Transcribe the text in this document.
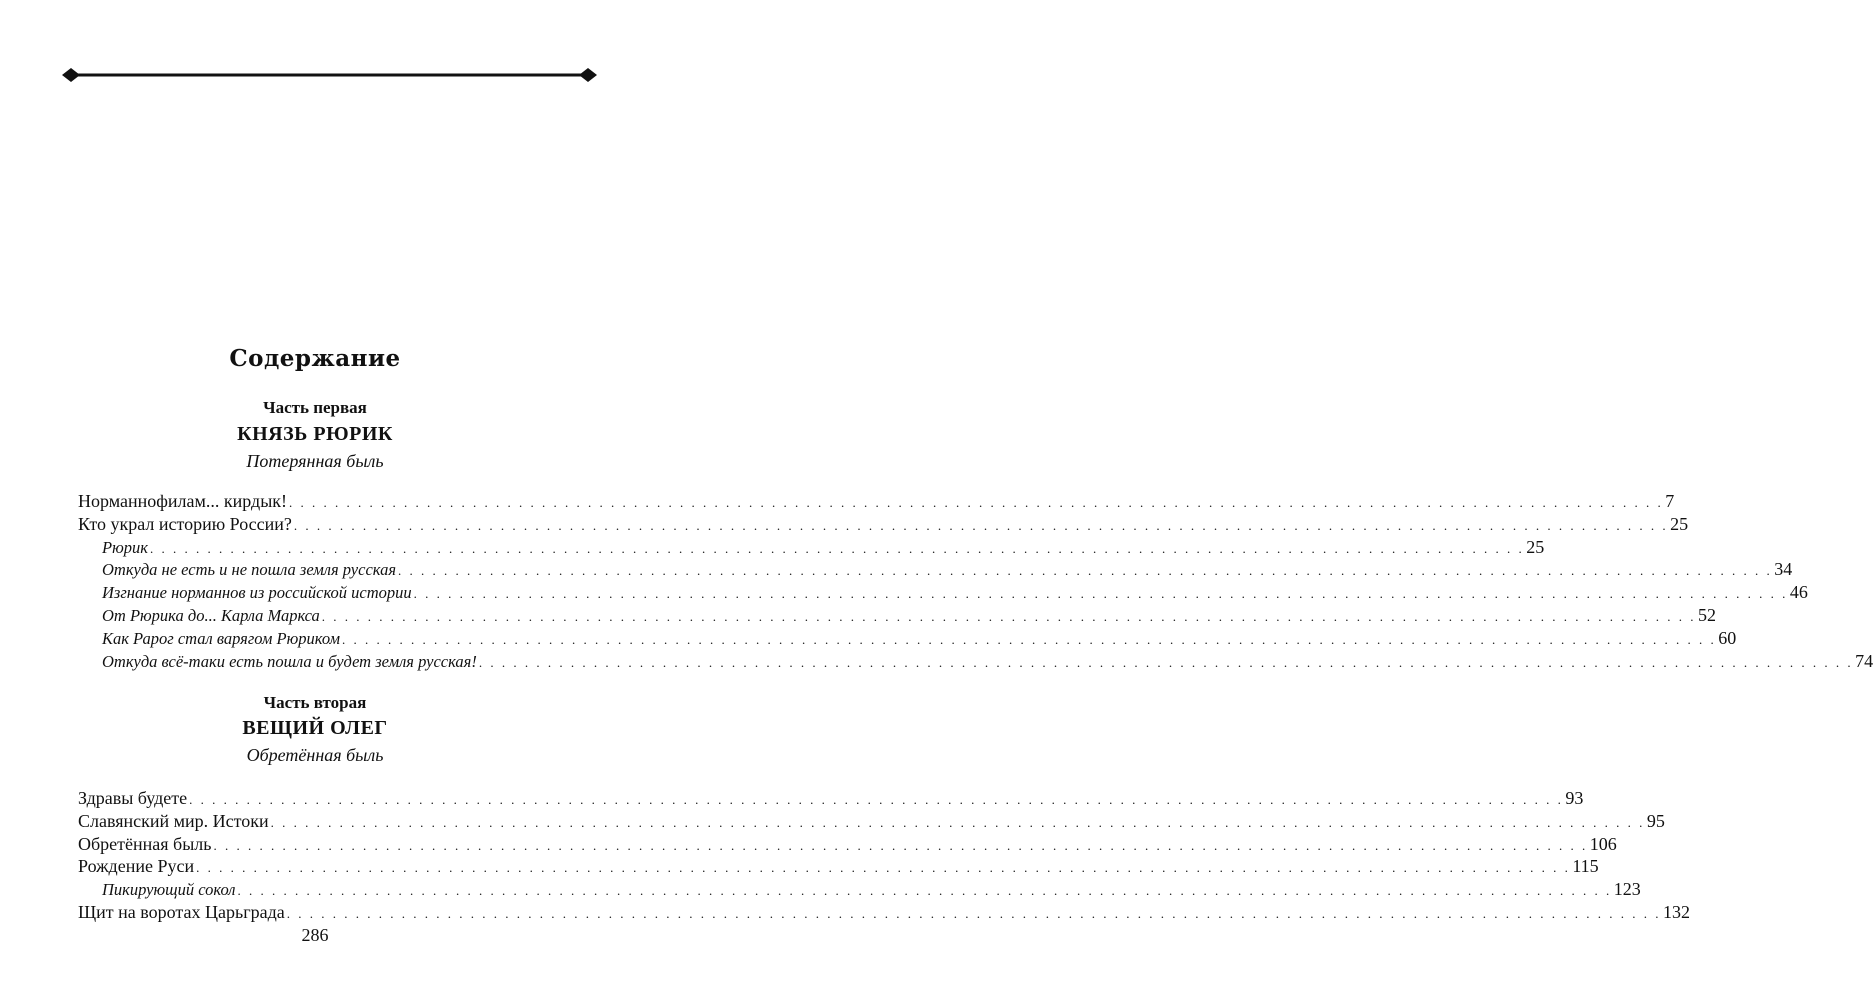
Содержание
Часть первая
КНЯЗЬ РЮРИК
Потерянная быль
Норманнофилам... кирдык! . . . . . . . . . . . . . . . . . . . . . . . . . . . . . . . . . . . . . . . . . . . . . . . . . . . . . . . . . . . . . . . . . . . . . . . . . . . . . . . . . . . . . . . . . . . . . . . . . . . . . . . . . . . . . . . . . . . . . . . . 7
Кто украл историю России? . . . . . . . . . . . . . . . . . . . . . . . . . . . . . . . . . . . . . . . . . . . . . . . . . . . . . . . . . . . . . . . . . . . . . . . . . . . . . . . . . . . . . . . . . . . . . . . . . . . . . . . . . . . . . . . . . . . . . . . . 25
Рюрик . . . . . . . . . . . . . . . . . . . . . . . . . . . . . . . . . . . . . . . . . . . . . . . . . . . . . . . . . . . . . . . . . . . . . . . . . . . . . . . . . . . . . . . . . . . . . . . . . . . . . . . . . . . . . . . . . . . . . . . . 25
Откуда не есть и не пошла земля русская . . . . . . . . . . . . . . . . . . . . . . . . . . . . . . . . . . . . . . . . . . . . . . . . . . . . . . . . . . . . . . . . . . . . . . . . . . . . . . . . . . . . . . . . . . . . . . . . . . . . . . . . . . . . . . . . . . . . . . . . 34
Изгнание норманнов из российской истории . . . . . . . . . . . . . . . . . . . . . . . . . . . . . . . . . . . . . . . . . . . . . . . . . . . . . . . . . . . . . . . . . . . . . . . . . . . . . . . . . . . . . . . . . . . . . . . . . . . . . . . . . . . . . . . . . . . . . . . . 46
От Рюрика до... Карла Маркса . . . . . . . . . . . . . . . . . . . . . . . . . . . . . . . . . . . . . . . . . . . . . . . . . . . . . . . . . . . . . . . . . . . . . . . . . . . . . . . . . . . . . . . . . . . . . . . . . . . . . . . . . . . . . . . . . . . . . . . . 52
Как Рарог стал варягом Рюриком . . . . . . . . . . . . . . . . . . . . . . . . . . . . . . . . . . . . . . . . . . . . . . . . . . . . . . . . . . . . . . . . . . . . . . . . . . . . . . . . . . . . . . . . . . . . . . . . . . . . . . . . . . . . . . . . . . . . . . . . 60
Откуда всё-таки есть пошла и будет земля русская! . . . . . . . . . . . . . . . . . . . . . . . . . . . . . . . . . . . . . . . . . . . . . . . . . . . . . . . . . . . . . . . . . . . . . . . . . . . . . . . . . . . . . . . . . . . . . . . . . . . . . . . . . . . . . . . . . . . . . . . . 74
Часть вторая
ВЕЩИЙ ОЛЕГ
Обретённая быль
Здравы будете . . . . . . . . . . . . . . . . . . . . . . . . . . . . . . . . . . . . . . . . . . . . . . . . . . . . . . . . . . . . . . . . . . . . . . . . . . . . . . . . . . . . . . . . . . . . . . . . . . . . . . . . . . . . . . . . . . . . . . . . 93
Славянский мир. Истоки . . . . . . . . . . . . . . . . . . . . . . . . . . . . . . . . . . . . . . . . . . . . . . . . . . . . . . . . . . . . . . . . . . . . . . . . . . . . . . . . . . . . . . . . . . . . . . . . . . . . . . . . . . . . . . . . . . . . . . . . 95
Обретённая быль . . . . . . . . . . . . . . . . . . . . . . . . . . . . . . . . . . . . . . . . . . . . . . . . . . . . . . . . . . . . . . . . . . . . . . . . . . . . . . . . . . . . . . . . . . . . . . . . . . . . . . . . . . . . . . . . . . . . . . . . 106
Рождение Руси . . . . . . . . . . . . . . . . . . . . . . . . . . . . . . . . . . . . . . . . . . . . . . . . . . . . . . . . . . . . . . . . . . . . . . . . . . . . . . . . . . . . . . . . . . . . . . . . . . . . . . . . . . . . . . . . . . . . . . . . 115
Пикирующий сокол . . . . . . . . . . . . . . . . . . . . . . . . . . . . . . . . . . . . . . . . . . . . . . . . . . . . . . . . . . . . . . . . . . . . . . . . . . . . . . . . . . . . . . . . . . . . . . . . . . . . . . . . . . . . . . . . . . . . . . . . 123
Щит на воротах Царьграда . . . . . . . . . . . . . . . . . . . . . . . . . . . . . . . . . . . . . . . . . . . . . . . . . . . . . . . . . . . . . . . . . . . . . . . . . . . . . . . . . . . . . . . . . . . . . . . . . . . . . . . . . . . . . . . . . . . . . . . . 132
286
